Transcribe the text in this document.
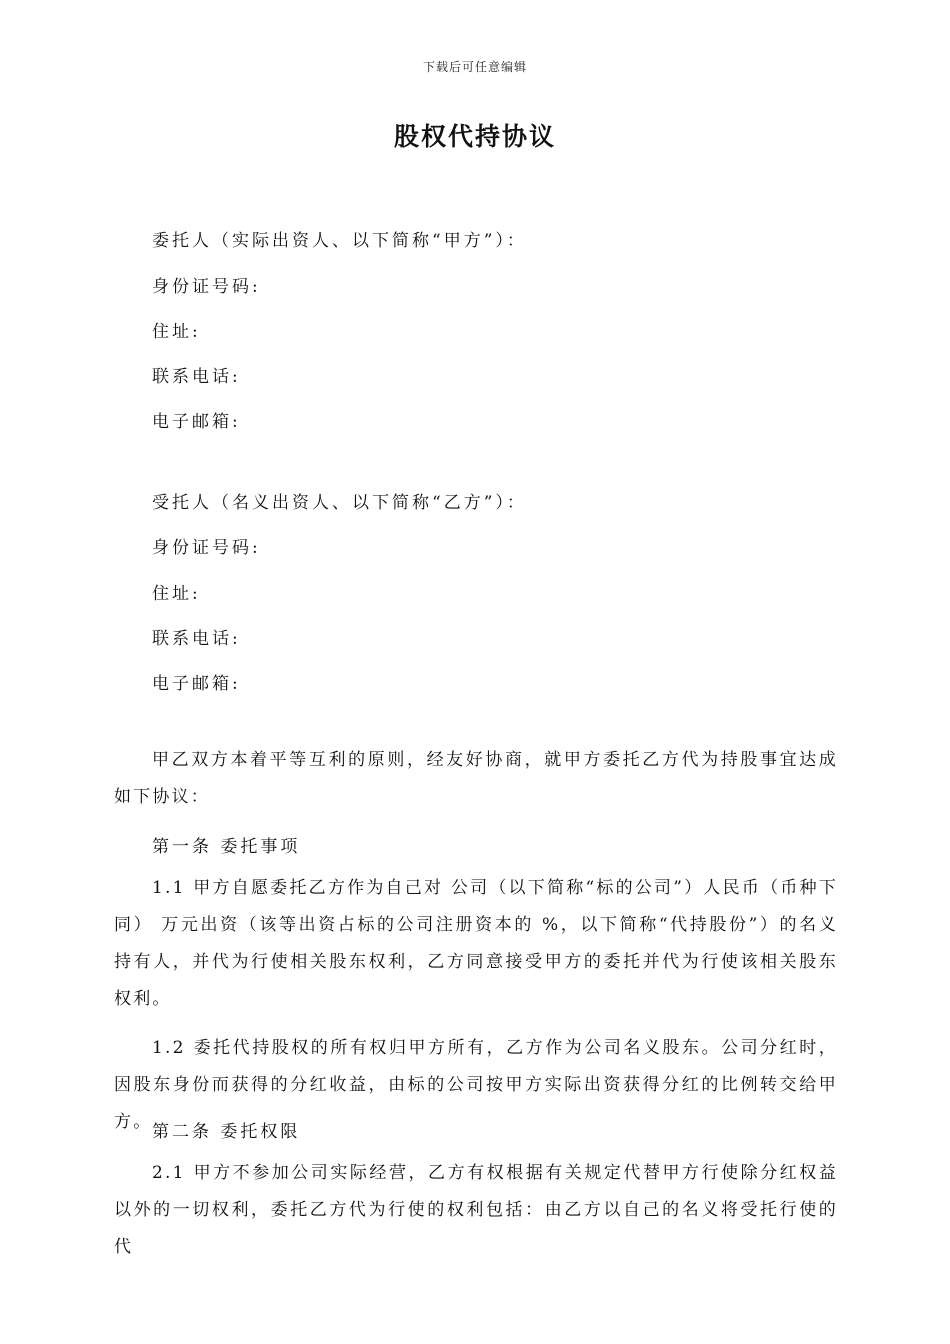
下载后可任意编辑
股权代持协议
委托人（实际出资人、以下简称“甲方”）：
身份证号码:
住址:
联系电话:
电子邮箱:
受托人（名义出资人、以下简称“乙方”）：
身份证号码:
住址:
联系电话:
电子邮箱:
甲乙双方本着平等互利的原则，经友好协商，就甲方委托乙方代为持股事宜达成如下协议：
第一条 委托事项
1.1 甲方自愿委托乙方作为自己对 公司（以下简称“标的公司”）人民币（币种下同） 万元出资（该等出资占标的公司注册资本的 %，以下简称“代持股份”）的名义持有人，并代为行使相关股东权利，乙方同意接受甲方的委托并代为行使该相关股东权利。
1.2 委托代持股权的所有权归甲方所有，乙方作为公司名义股东。公司分红时，因股东身份而获得的分红收益，由标的公司按甲方实际出资获得分红的比例转交给甲方。 第二条 委托权限
2.1 甲方不参加公司实际经营，乙方有权根据有关规定代替甲方行使除分红权益以外的一切权利，委托乙方代为行使的权利包括：由乙方以自己的名义将受托行使的代
